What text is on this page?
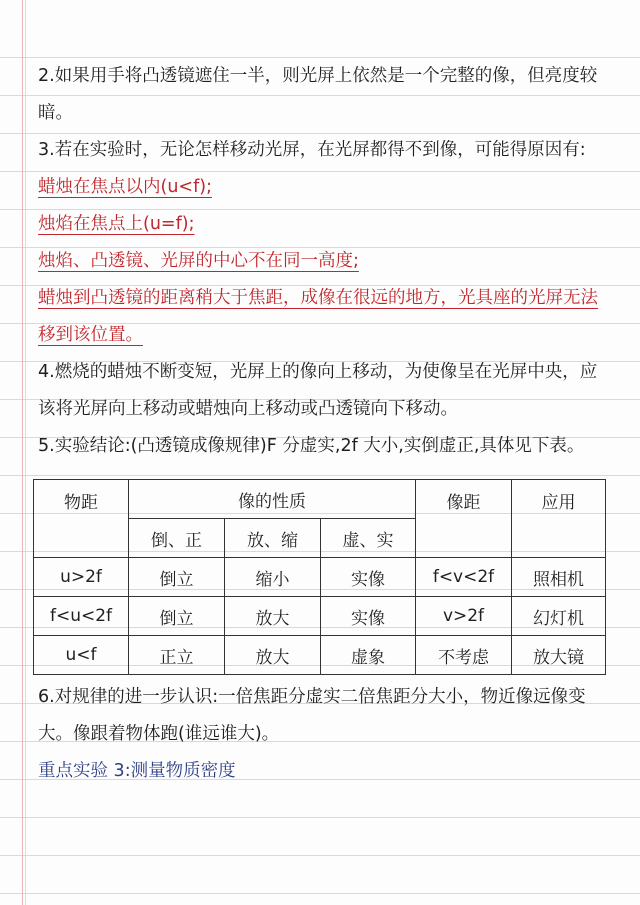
2.如果用手将凸透镜遮住一半，则光屏上依然是一个完整的像，但亮度较暗。

3.若在实验时，无论怎样移动光屏，在光屏都得不到像，可能得原因有:

蜡烛在焦点以内(u<f);

烛焰在焦点上(u=f);

烛焰、凸透镜、光屏的中心不在同一高度;

蜡烛到凸透镜的距离稍大于焦距，成像在很远的地方，光具座的光屏无法移到该位置。

4.燃烧的蜡烛不断变短，光屏上的像向上移动，为使像呈在光屏中央，应该将光屏向上移动或蜡烛向上移动或凸透镜向下移动。

5.实验结论:(凸透镜成像规律)F 分虚实,2f 大小,实倒虚正,具体见下表。

物距	像的性质			像距	应用
	倒、正	放、缩	虚、实		
u>2f	倒立	缩小	实像	f<v<2f	照相机
f<u<2f	倒立	放大	实像	v>2f	幻灯机
u<f	正立	放大	虚象	不考虑	放大镜

6.对规律的进一步认识:一倍焦距分虚实二倍焦距分大小，物近像远像变大。像跟着物体跑(谁远谁大)。

重点实验 3:测量物质密度
